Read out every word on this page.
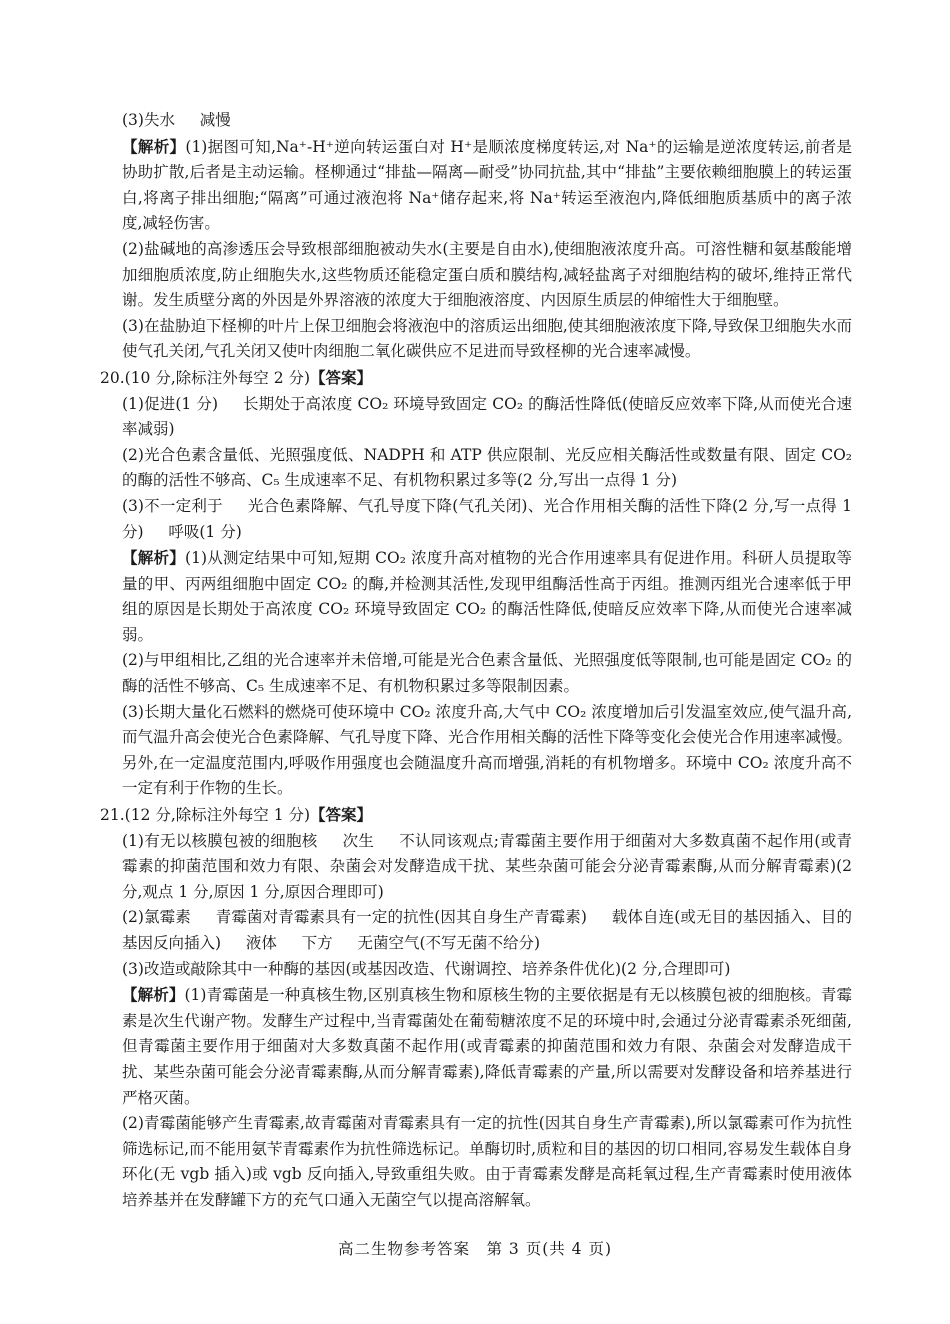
(3)失水 减慢

【解析】(1)据图可知,Na⁺-H⁺逆向转运蛋白对 H⁺是顺浓度梯度转运,对 Na⁺的运输是逆浓度转运,前者是协助扩散,后者是主动运输。柽柳通过“排盐—隔离—耐受”协同抗盐,其中“排盐”主要依赖细胞膜上的转运蛋白,将离子排出细胞;“隔离”可通过液泡将 Na⁺储存起来,将 Na⁺转运至液泡内,降低细胞质基质中的离子浓度,减轻伤害。

(2)盐碱地的高渗透压会导致根部细胞被动失水(主要是自由水),使细胞液浓度升高。可溶性糖和氨基酸能增加细胞质浓度,防止细胞失水,这些物质还能稳定蛋白质和膜结构,减轻盐离子对细胞结构的破坏,维持正常代谢。发生质壁分离的外因是外界溶液的浓度大于细胞液溶度、内因原生质层的伸缩性大于细胞壁。

(3)在盐胁迫下柽柳的叶片上保卫细胞会将液泡中的溶质运出细胞,使其细胞液浓度下降,导致保卫细胞失水而使气孔关闭,气孔关闭又使叶肉细胞二氧化碳供应不足进而导致柽柳的光合速率减慢。

20.(10 分,除标注外每空 2 分)【答案】

(1)促进(1 分) 长期处于高浓度 CO₂ 环境导致固定 CO₂ 的酶活性降低(使暗反应效率下降,从而使光合速率减弱)

(2)光合色素含量低、光照强度低、NADPH 和 ATP 供应限制、光反应相关酶活性或数量有限、固定 CO₂ 的酶的活性不够高、C₅ 生成速率不足、有机物积累过多等(2 分,写出一点得 1 分)

(3)不一定利于 光合色素降解、气孔导度下降(气孔关闭)、光合作用相关酶的活性下降(2 分,写一点得 1 分) 呼吸(1 分)

【解析】(1)从测定结果中可知,短期 CO₂ 浓度升高对植物的光合作用速率具有促进作用。科研人员提取等量的甲、丙两组细胞中固定 CO₂ 的酶,并检测其活性,发现甲组酶活性高于丙组。推测丙组光合速率低于甲组的原因是长期处于高浓度 CO₂ 环境导致固定 CO₂ 的酶活性降低,使暗反应效率下降,从而使光合速率减弱。

(2)与甲组相比,乙组的光合速率并未倍增,可能是光合色素含量低、光照强度低等限制,也可能是固定 CO₂ 的酶的活性不够高、C₅ 生成速率不足、有机物积累过多等限制因素。

(3)长期大量化石燃料的燃烧可使环境中 CO₂ 浓度升高,大气中 CO₂ 浓度增加后引发温室效应,使气温升高,而气温升高会使光合色素降解、气孔导度下降、光合作用相关酶的活性下降等变化会使光合作用速率减慢。另外,在一定温度范围内,呼吸作用强度也会随温度升高而增强,消耗的有机物增多。环境中 CO₂ 浓度升高不一定有利于作物的生长。

21.(12 分,除标注外每空 1 分)【答案】

(1)有无以核膜包被的细胞核 次生 不认同该观点;青霉菌主要作用于细菌对大多数真菌不起作用(或青霉素的抑菌范围和效力有限、杂菌会对发酵造成干扰、某些杂菌可能会分泌青霉素酶,从而分解青霉素)(2 分,观点 1 分,原因 1 分,原因合理即可)

(2)氯霉素 青霉菌对青霉素具有一定的抗性(因其自身生产青霉素) 载体自连(或无目的基因插入、目的基因反向插入) 液体 下方 无菌空气(不写无菌不给分)

(3)改造或敲除其中一种酶的基因(或基因改造、代谢调控、培养条件优化)(2 分,合理即可)

【解析】(1)青霉菌是一种真核生物,区别真核生物和原核生物的主要依据是有无以核膜包被的细胞核。青霉素是次生代谢产物。发酵生产过程中,当青霉菌处在葡萄糖浓度不足的环境中时,会通过分泌青霉素杀死细菌,但青霉菌主要作用于细菌对大多数真菌不起作用(或青霉素的抑菌范围和效力有限、杂菌会对发酵造成干扰、某些杂菌可能会分泌青霉素酶,从而分解青霉素),降低青霉素的产量,所以需要对发酵设备和培养基进行严格灭菌。

(2)青霉菌能够产生青霉素,故青霉菌对青霉素具有一定的抗性(因其自身生产青霉素),所以氯霉素可作为抗性筛选标记,而不能用氨苄青霉素作为抗性筛选标记。单酶切时,质粒和目的基因的切口相同,容易发生载体自身环化(无 vgb 插入)或 vgb 反向插入,导致重组失败。由于青霉素发酵是高耗氧过程,生产青霉素时使用液体培养基并在发酵罐下方的充气口通入无菌空气以提高溶解氧。

高二生物参考答案　第 3 页(共 4 页)
